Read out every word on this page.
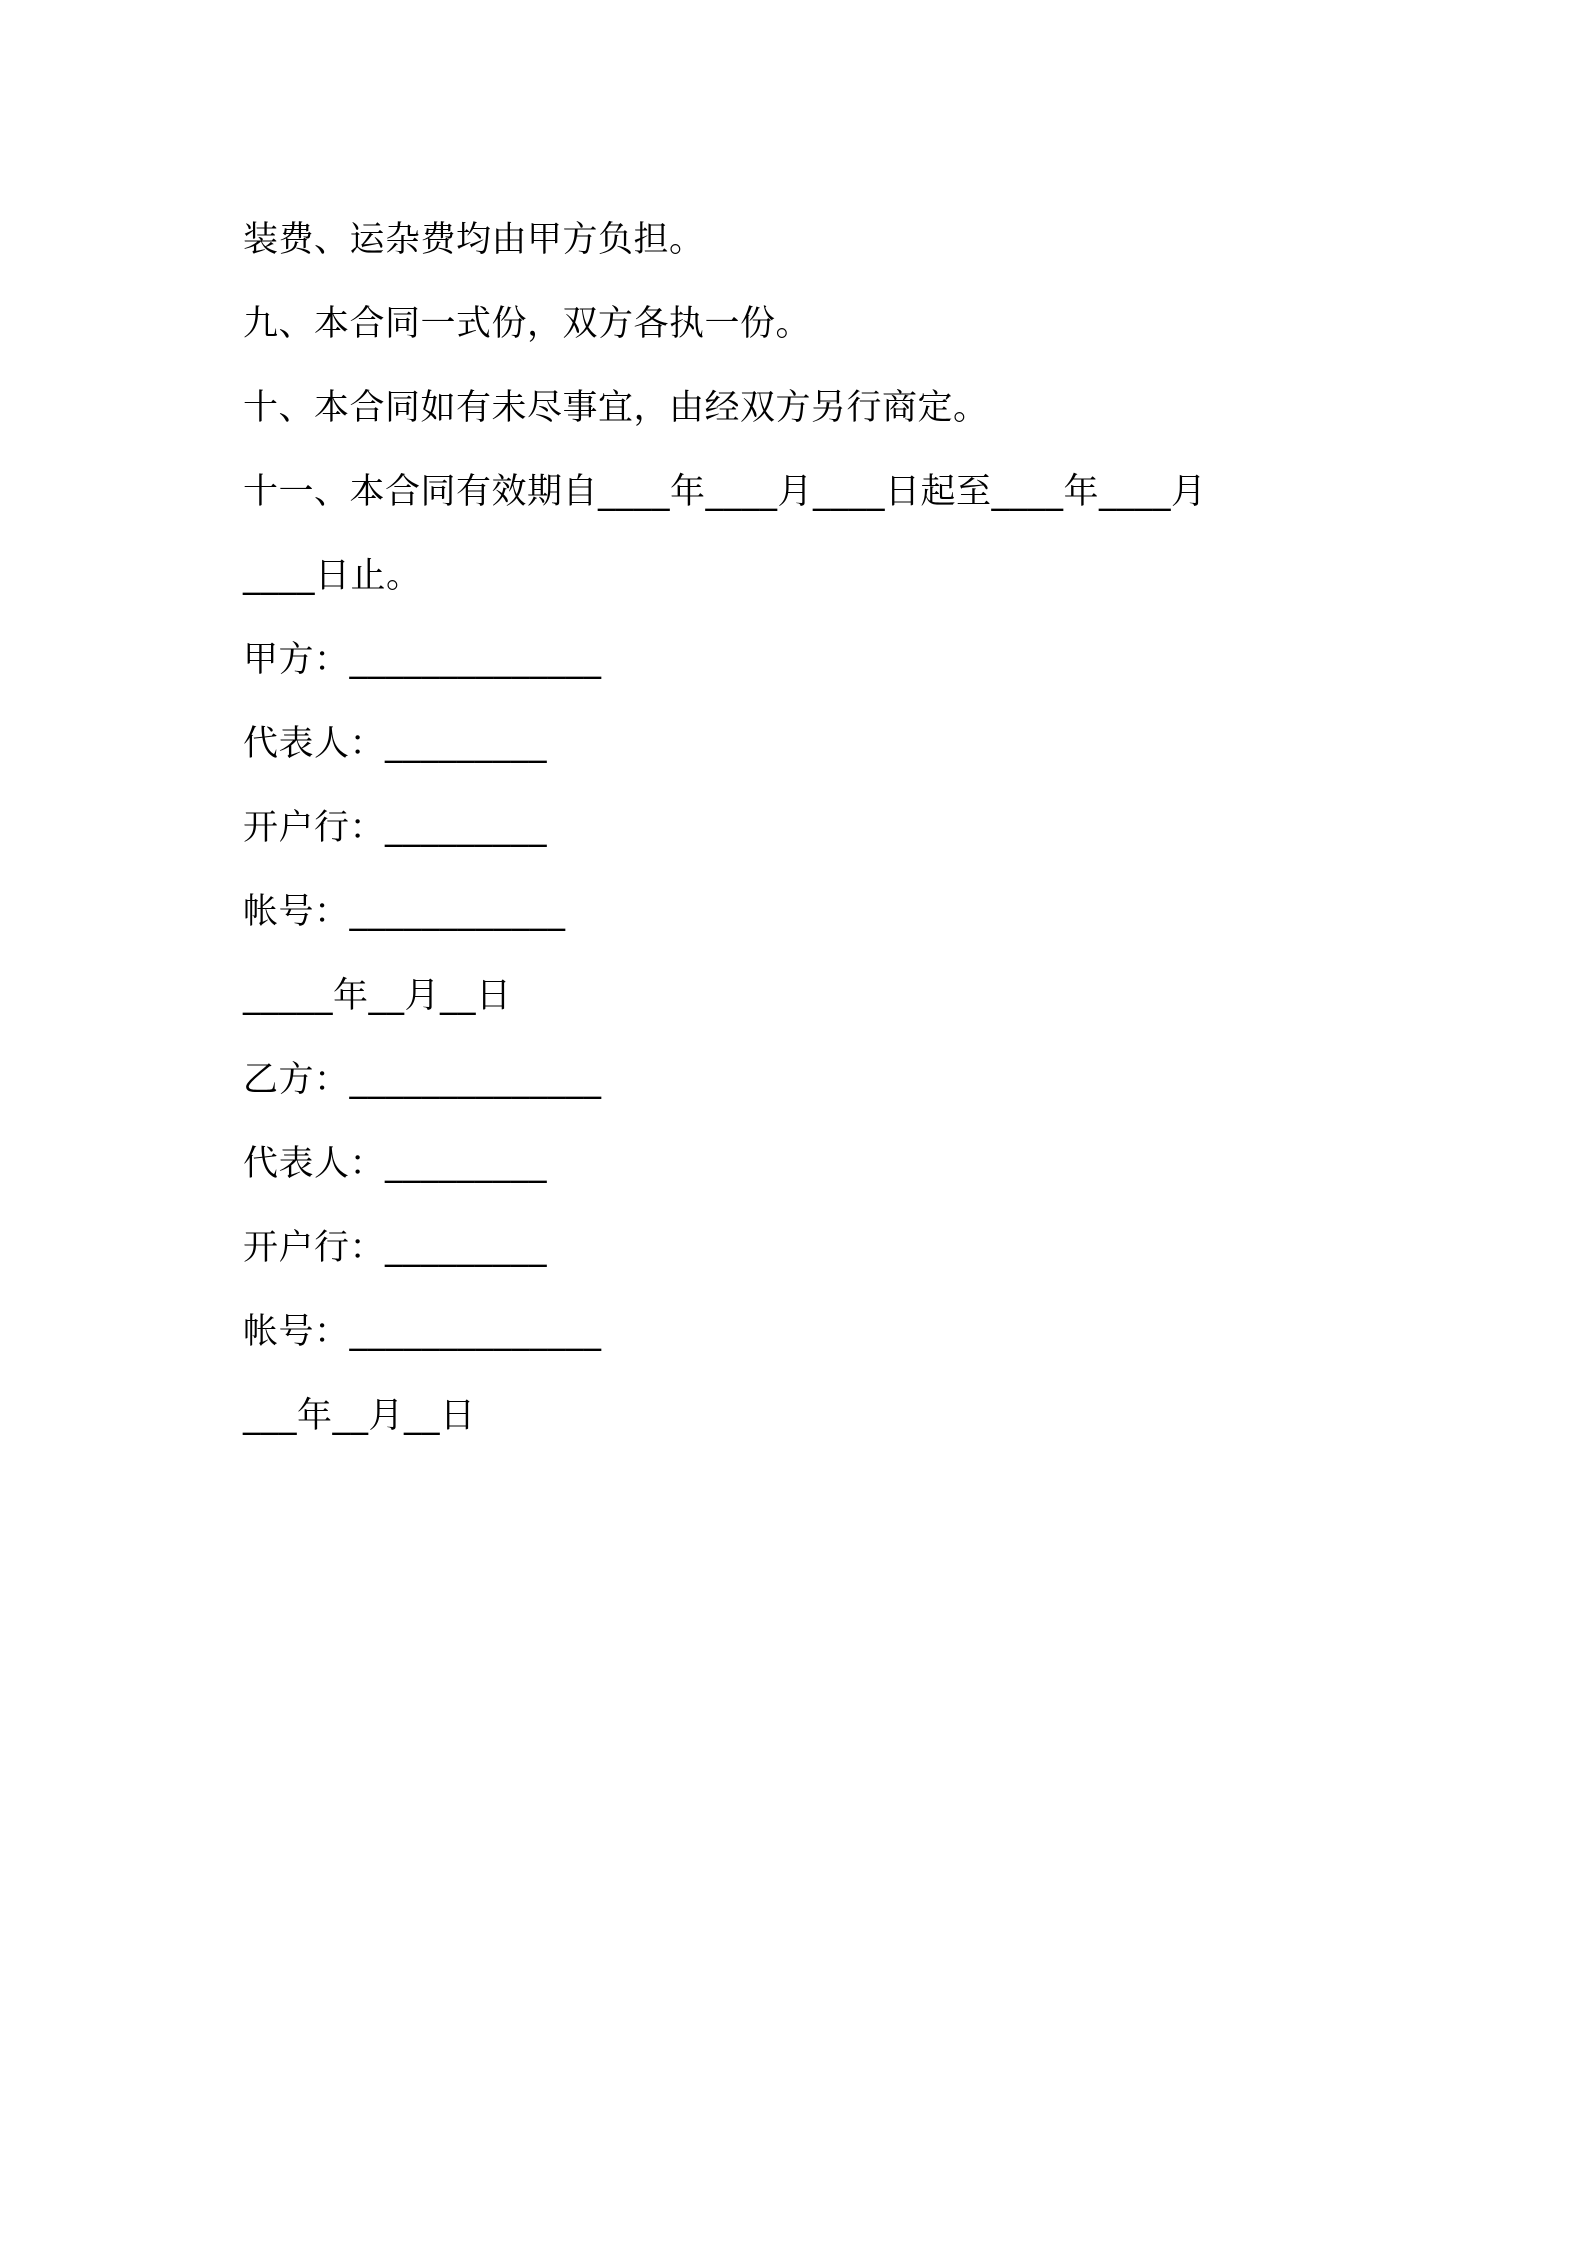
装费、运杂费均由甲方负担。
九、本合同一式份，双方各执一份。
十、本合同如有未尽事宜，由经双方另行商定。
十一、本合同有效期自____年____月____日起至____年____月
____日止。
甲方：______________
代表人：_________
开户行：_________
帐号：____________
_____年__月__日
乙方：______________
代表人：_________
开户行：_________
帐号：______________
___年__月__日
